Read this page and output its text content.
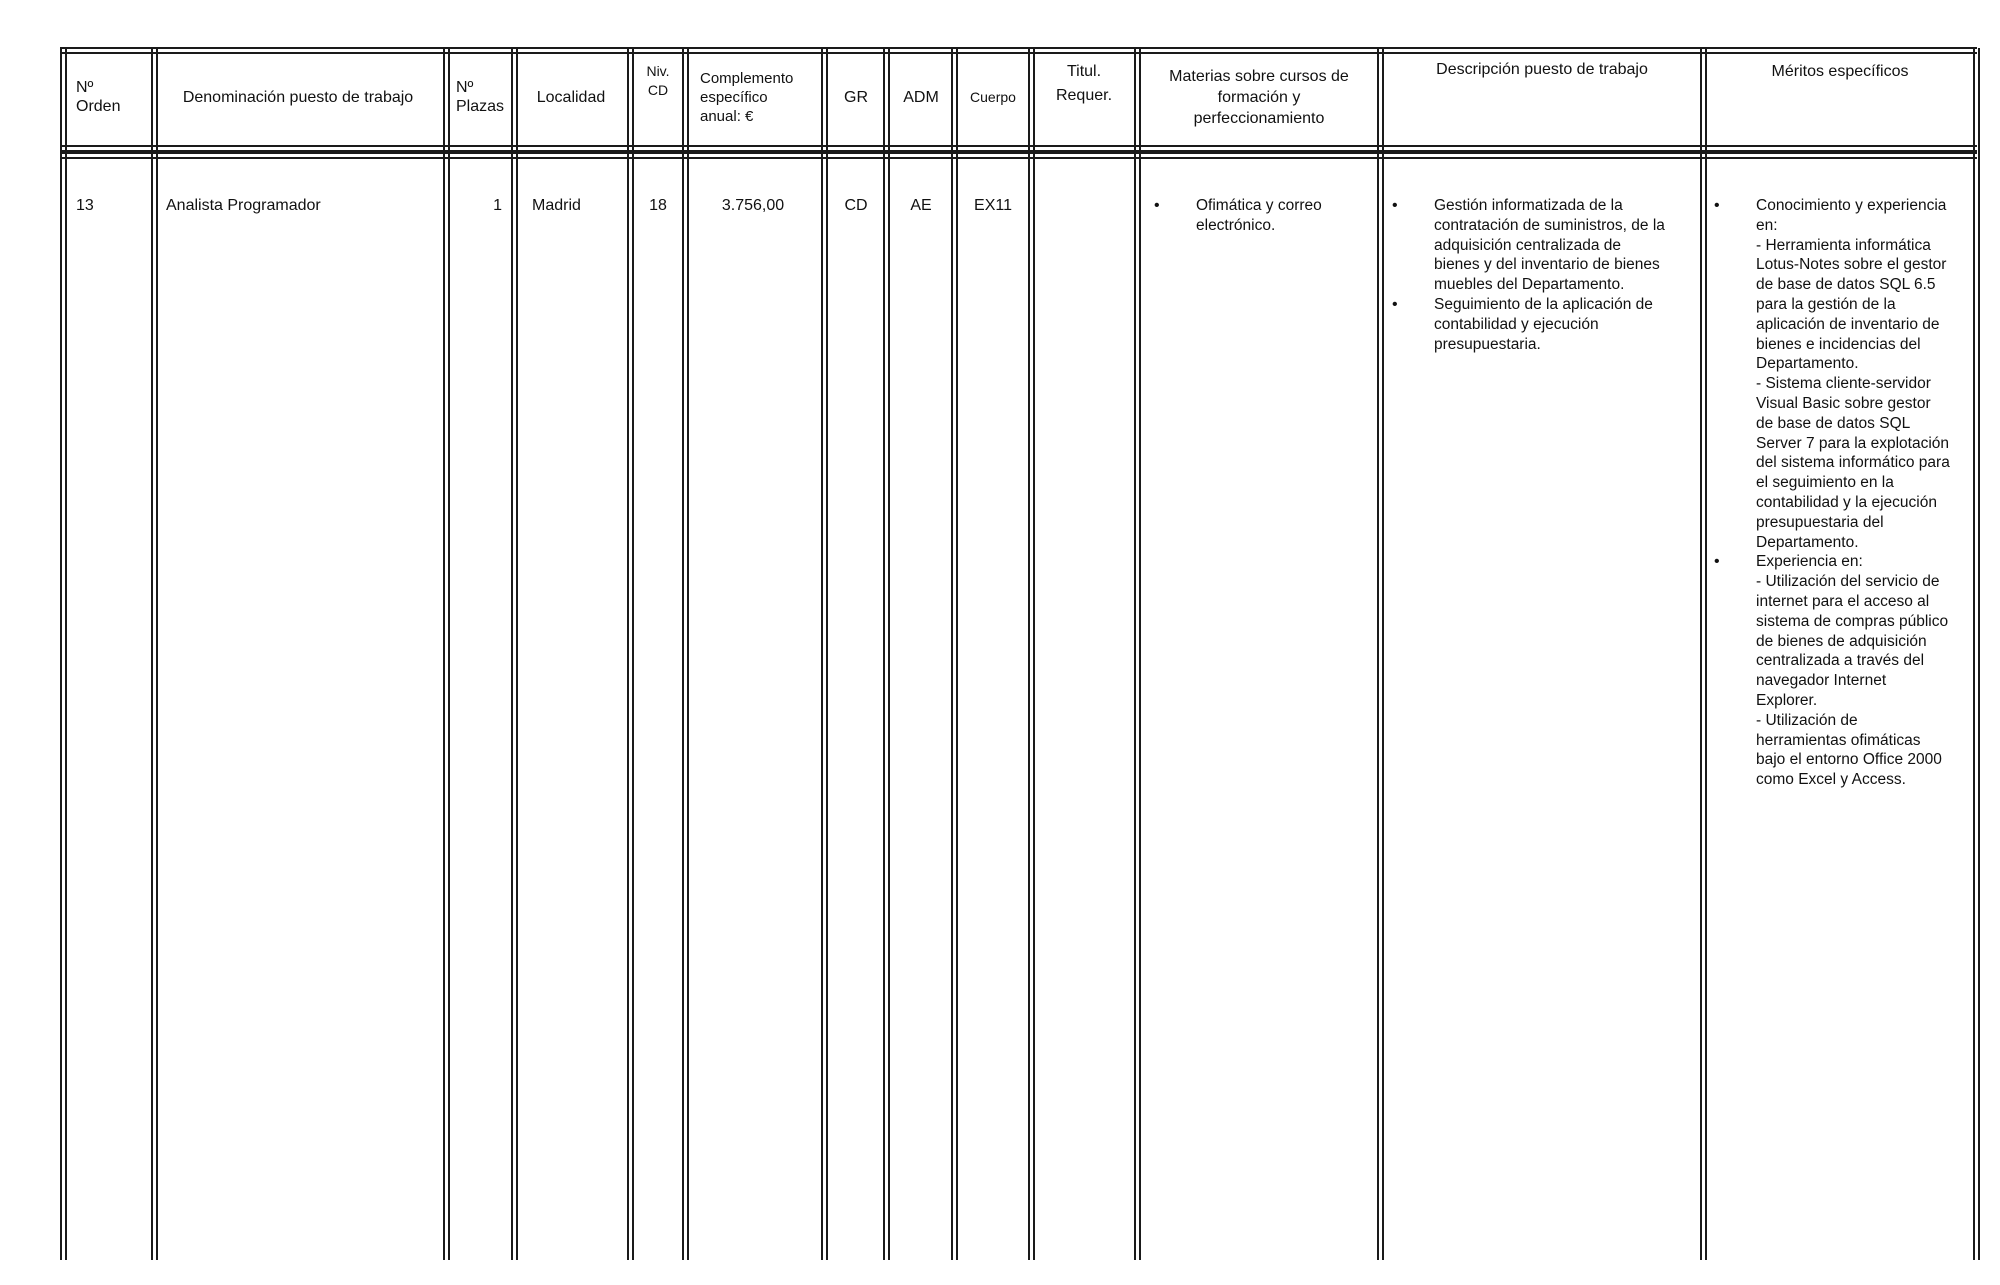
Nº
Orden
Denominación puesto de trabajo
Nº
Plazas
Localidad
Niv.
CD
Complemento
específico
anual: €
GR	ADM	Cuerpo
Titul.
Requer.
Materias sobre cursos de
formación y
perfeccionamiento
Descripción puesto de trabajo	Méritos específicos
13	Analista Programador	1 Madrid	18	3.756,00	CD	AE	EX11
•	Ofimática y correo
electrónico.
• Gestión informatizada de la
contratación de suministros, de la
adquisición centralizada de
bienes y del inventario de bienes
muebles del Departamento.
• Seguimiento de la aplicación de
contabilidad y ejecución
presupuestaria.
• Conocimiento y experiencia
en:
- Herramienta informática
Lotus-Notes sobre el gestor
de base de datos SQL 6.5
para la gestión de la
aplicación de inventario de
bienes e incidencias del
Departamento.
- Sistema cliente-servidor
Visual Basic sobre gestor
de base de datos SQL
Server 7 para la explotación
del sistema informático para
el seguimiento en la
contabilidad y la ejecución
presupuestaria del
Departamento.
• Experiencia en:
- Utilización del servicio de
internet para el acceso al
sistema de compras público
de bienes de adquisición
centralizada a través del
navegador Internet
Explorer.
- Utilización de
herramientas ofimáticas
bajo el entorno Office 2000
como Excel y Access.
